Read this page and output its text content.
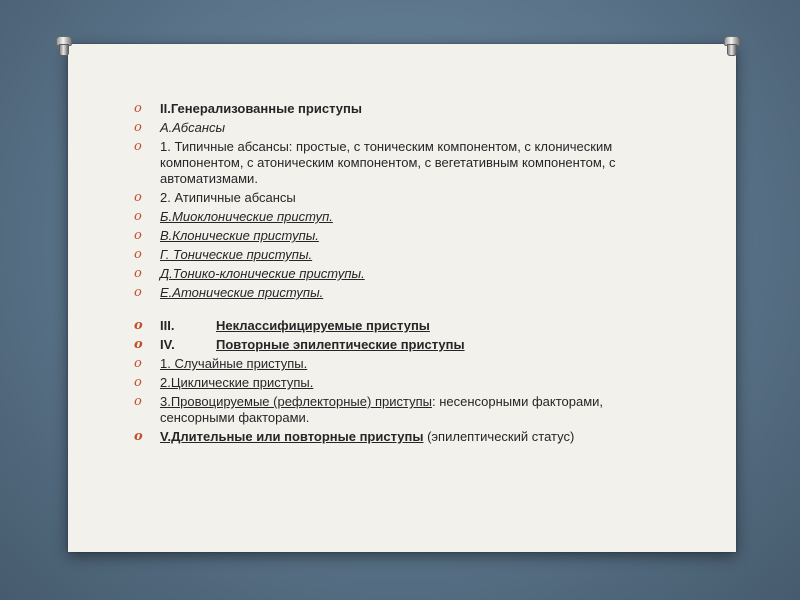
o	II.Генерализованные приступы
o	А.Абсансы
o	1. Типичные абсансы: простые, с тоническим компонентом, с клоническим компонентом, с атоническим компонентом, с вегетативным компонентом, с автоматизмами.
o	2. Атипичные абсансы
o	Б.Миоклонические приступ.
o	В.Клонические приступы.
o	Г. Тонические приступы.
o	Д.Тонико-клонические приступы.
o	Е.Атонические приступы.
o	III.	Неклассифицируемые приступы
o	IV.	Повторные эпилептические приступы
o	1. Случайные приступы.
o	2.Циклические приступы.
o	3.Провоцируемые (рефлекторные) приступы: несенсорными факторами, сенсорными факторами.
o	V.Длительные или повторные приступы (эпилептический статус)
